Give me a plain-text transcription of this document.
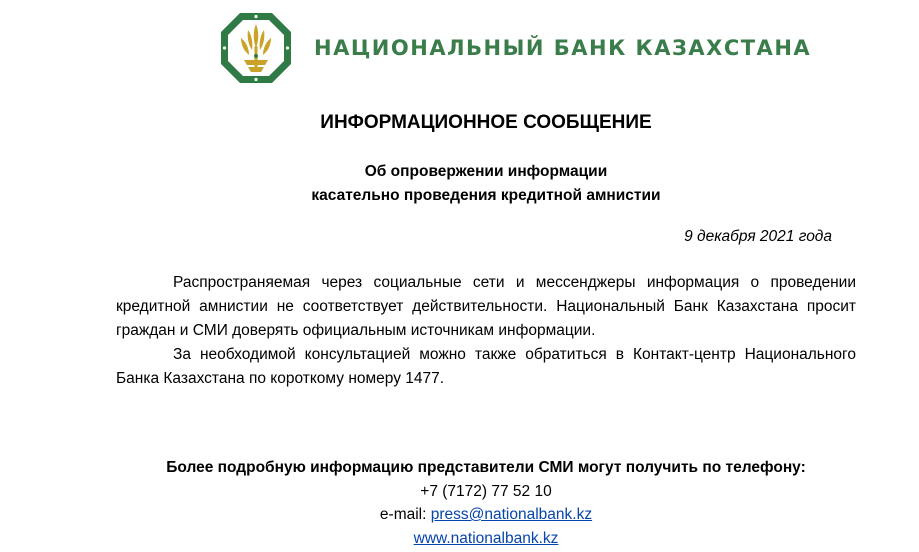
НАЦИОНАЛЬНЫЙ БАНК КАЗАХСТАНА
ИНФОРМАЦИОННОЕ СООБЩЕНИЕ
Об опровержении информации
касательно проведения кредитной амнистии
9 декабря 2021 года

Распространяемая через социальные сети и мессенджеры информация о проведении кредитной амнистии не соответствует действительности. Национальный Банк Казахстана просит граждан и СМИ доверять официальным источникам информации.

За необходимой консультацией можно также обратиться в Контакт-центр Национального Банка Казахстана по короткому номеру 1477.

Более подробную информацию представители СМИ могут получить по телефону:
+7 (7172) 77 52 10
e-mail: press@nationalbank.kz
www.nationalbank.kz
